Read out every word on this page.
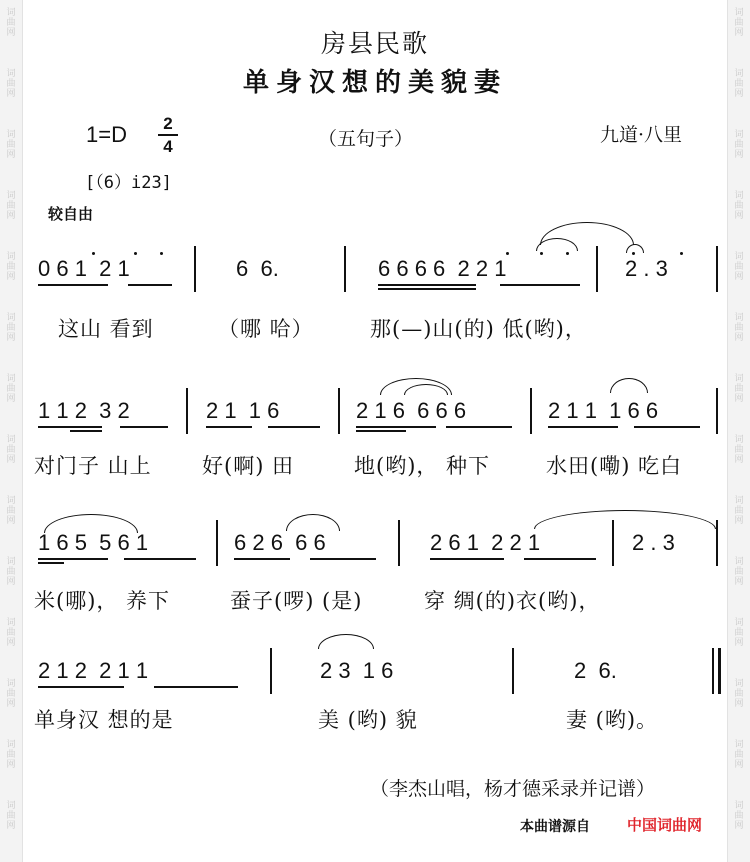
词
曲
网
词
曲
网
词
曲
网
词
曲
网
词
曲
网
词
曲
网
词
曲
网
词
曲
网
词
曲
网
词
曲
网
词
曲
网
词
曲
网
词
曲
网
词
曲
网
词
曲
网
词
曲
网
词
曲
网
词
曲
网
词
曲
网
词
曲
网
词
曲
网
词
曲
网
词
曲
网
词
曲
网
词
曲
网
词
曲
网
词
曲
网
词
曲
网
房县民歌
单身汉想的美貌妻
1=D	2
4	（五句子）	九道·八里
[（6）i23]
较自由
0 6 1  2 1	6  6.	6 6 6 6  2 2 1	2 . 3
这山 看到	（哪 哈）	那(—)山(的) 低(哟)，
1 1 2  3 2	2 1  1 6	2 1 6  6 6 6	2 1 1  1 6 6
对门子 山上 好(啊) 田	地(哟)， 种下	水田(嘞) 吃白
1 6 5  5 6 1	6 2 6  6 6	2 6 1  2 2 1	2 . 3
米(哪)， 养下	蚕子(啰) (是)	穿 绸(的)衣(哟)，
2 1 2  2 1 1	2 3  1 6	2  6.
单身汉 想的是	美 (哟) 貌	妻 (哟)。
（李杰山唱，杨才德采录并记谱）
本曲谱源自 中国词曲网
